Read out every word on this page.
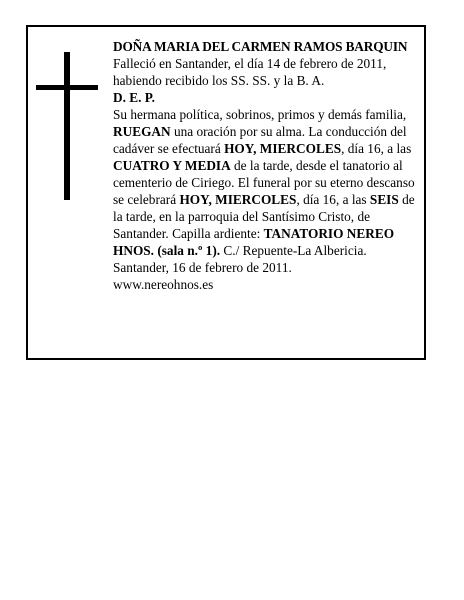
DOÑA MARIA DEL CARMEN RAMOS BARQUIN

Falleció en Santander, el día 14 de febrero de 2011, habiendo recibido los SS. SS. y la B. A.

D. E. P.

Su hermana política, sobrinos, primos y demás familia, RUEGAN una oración por su alma. La conducción del cadáver se efectuará HOY, MIERCOLES, día 16, a las CUATRO Y MEDIA de la tarde, desde el tanatorio al cementerio de Ciriego. El funeral por su eterno descanso se celebrará HOY, MIERCOLES, día 16, a las SEIS de la tarde, en la parroquia del Santísimo Cristo, de Santander. Capilla ardiente: TANATORIO NEREO HNOS. (sala n.º 1). C./ Repuente-La Albericia.

Santander, 16 de febrero de 2011.

www.nereohnos.es
